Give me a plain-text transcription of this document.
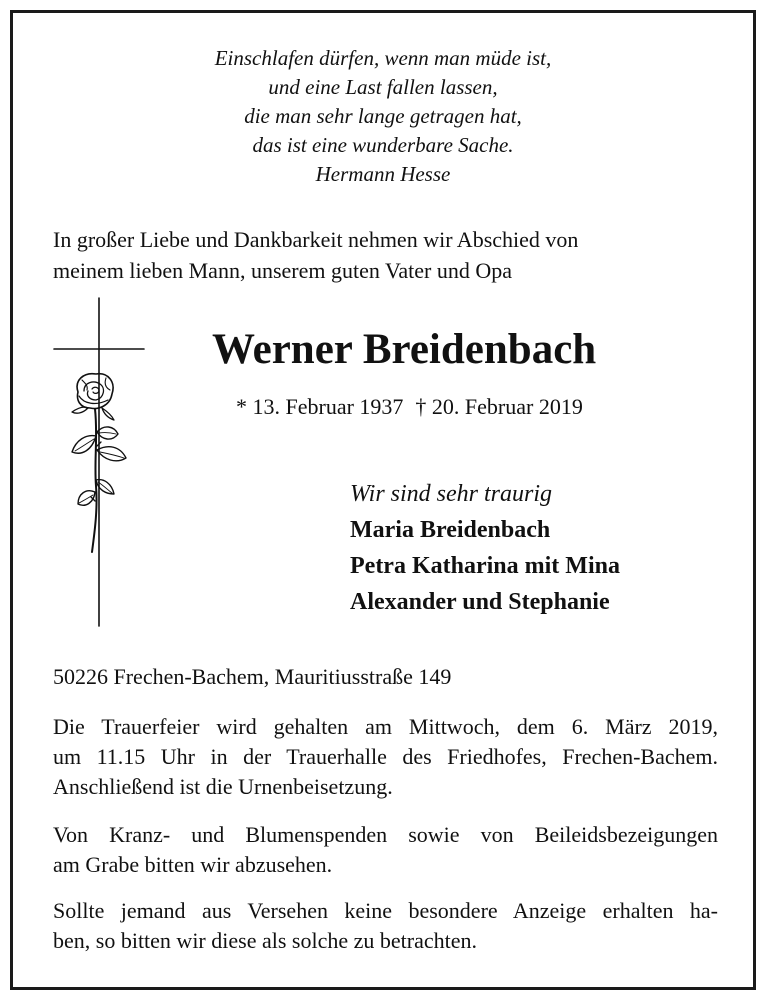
Einschlafen dürfen, wenn man müde ist,
und eine Last fallen lassen,
die man sehr lange getragen hat,
das ist eine wunderbare Sache.
Hermann Hesse
In großer Liebe und Dankbarkeit nehmen wir Abschied von
meinem lieben Mann, unserem guten Vater und Opa
Werner Breidenbach
* 13. Februar 1937 † 20. Februar 2019
Wir sind sehr traurig
Maria Breidenbach
Petra Katharina mit Mina
Alexander und Stephanie
50226 Frechen-Bachem, Mauritiusstraße 149
Die Trauerfeier wird gehalten am Mittwoch, dem 6. März 2019,
um 11.15 Uhr in der Trauerhalle des Friedhofes, Frechen-Bachem.
Anschließend ist die Urnenbeisetzung.
Von Kranz- und Blumenspenden sowie von Beileidsbezeigungen
am Grabe bitten wir abzusehen.
Sollte jemand aus Versehen keine besondere Anzeige erhalten ha-
ben, so bitten wir diese als solche zu betrachten.
